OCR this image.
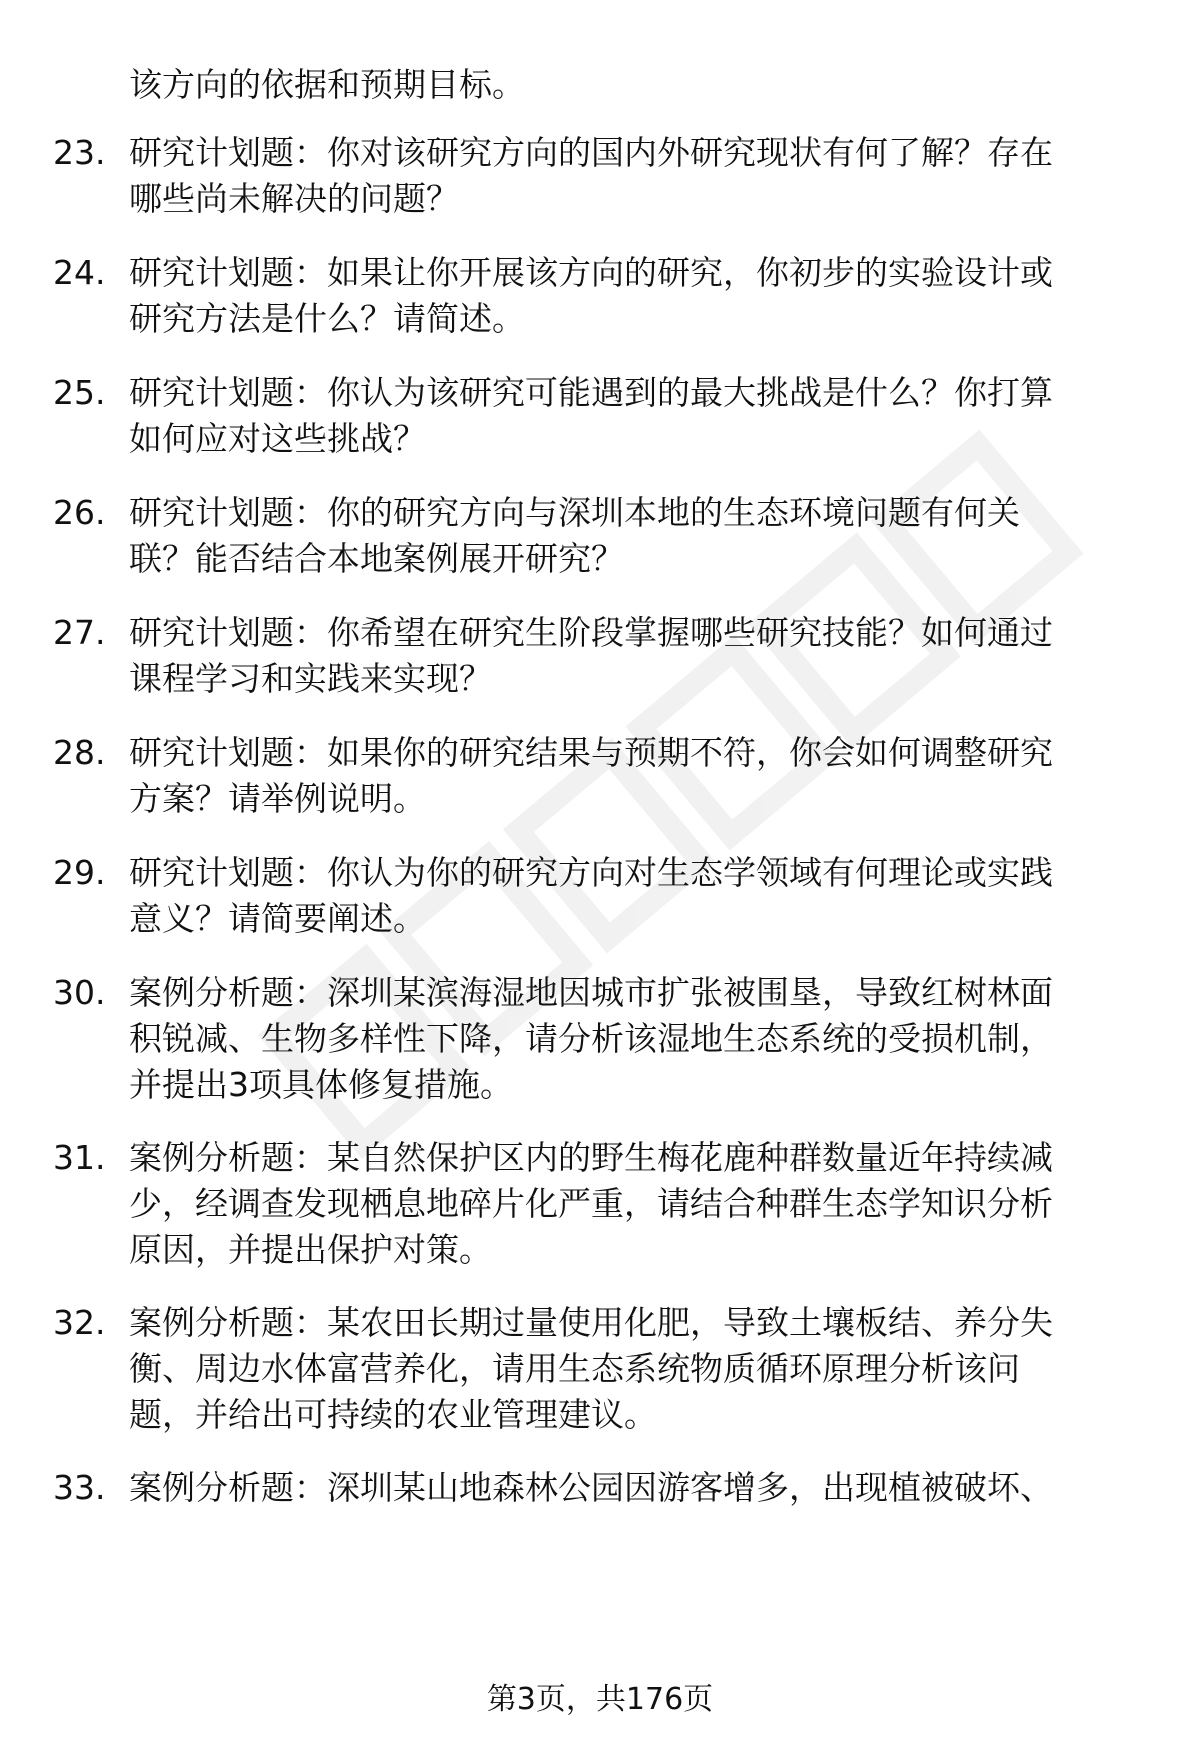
该方向的依据和预期目标。
23. 研究计划题：你对该研究方向的国内外研究现状有何了解？存在
哪些尚未解决的问题？
24. 研究计划题：如果让你开展该方向的研究，你初步的实验设计或
研究方法是什么？请简述。
25. 研究计划题：你认为该研究可能遇到的最大挑战是什么？你打算
如何应对这些挑战？
26. 研究计划题：你的研究方向与深圳本地的生态环境问题有何关
联？能否结合本地案例展开研究？
27. 研究计划题：你希望在研究生阶段掌握哪些研究技能？如何通过
课程学习和实践来实现？
28. 研究计划题：如果你的研究结果与预期不符，你会如何调整研究
方案？请举例说明。
29. 研究计划题：你认为你的研究方向对生态学领域有何理论或实践
意义？请简要阐述。
30. 案例分析题：深圳某滨海湿地因城市扩张被围垦，导致红树林面
积锐减、生物多样性下降，请分析该湿地生态系统的受损机制，
并提出3项具体修复措施。
31. 案例分析题：某自然保护区内的野生梅花鹿种群数量近年持续减
少，经调查发现栖息地碎片化严重，请结合种群生态学知识分析
原因，并提出保护对策。
32. 案例分析题：某农田长期过量使用化肥，导致土壤板结、养分失
衡、周边水体富营养化，请用生态系统物质循环原理分析该问
题，并给出可持续的农业管理建议。
33. 案例分析题：深圳某山地森林公园因游客增多，出现植被破坏、
第3页，共176页
